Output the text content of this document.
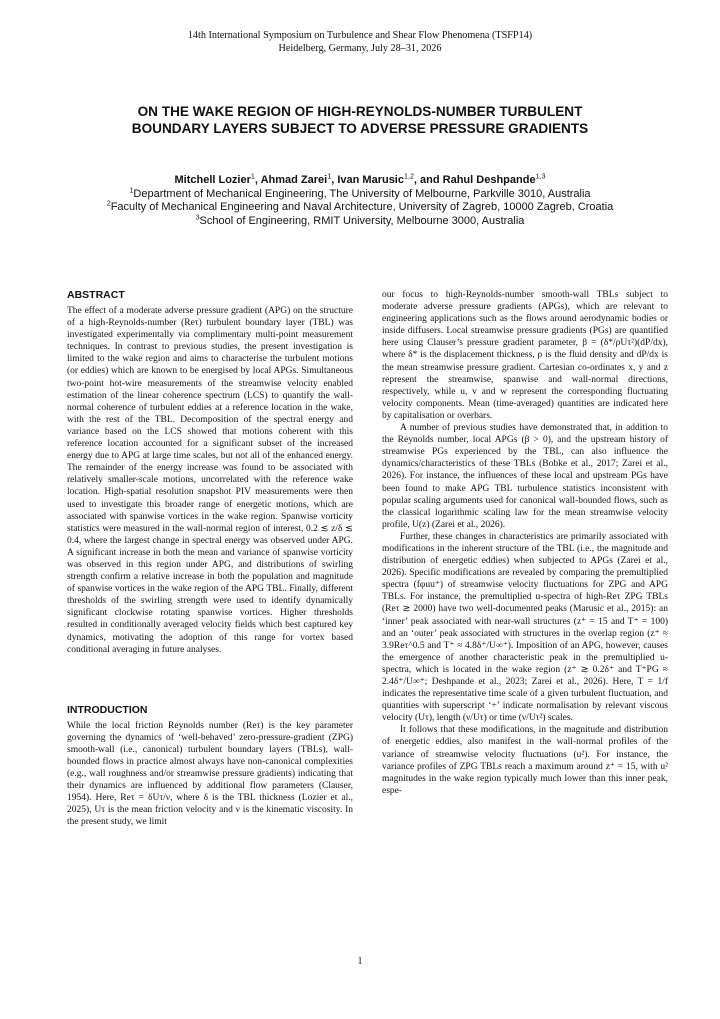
14th International Symposium on Turbulence and Shear Flow Phenomena (TSFP14)
Heidelberg, Germany, July 28–31, 2026
ON THE WAKE REGION OF HIGH-REYNOLDS-NUMBER TURBULENT
BOUNDARY LAYERS SUBJECT TO ADVERSE PRESSURE GRADIENTS
Mitchell Lozier$^1$, Ahmad Zarei$^1$, Ivan Marusic$^{1,2}$, and Rahul Deshpande$^{1,3}$
$^1$Department of Mechanical Engineering, The University of Melbourne, Parkville 3010, Australia
$^2$Faculty of Mechanical Engineering and Naval Architecture, University of Zagreb, 10000 Zagreb, Croatia
$^3$School of Engineering, RMIT University, Melbourne 3000, Australia
ABSTRACT

The effect of a moderate adverse pressure gradient (APG) on the structure of a high-Reynolds-number (Reτ) turbulent boundary layer (TBL) was investigated experimentally via complimentary multi-point measurement techniques. In contrast to previous studies, the present investigation is limited to the wake region and aims to characterise the turbulent motions (or eddies) which are known to be energised by local APGs. Simultaneous two-point hot-wire measurements of the streamwise velocity enabled estimation of the linear coherence spectrum (LCS) to quantify the wall-normal coherence of turbulent eddies at a reference location in the wake, with the rest of the TBL. Decomposition of the spectral energy and variance based on the LCS showed that motions coherent with this reference location accounted for a significant subset of the increased energy due to APG at large time scales, but not all of the enhanced energy. The remainder of the energy increase was found to be associated with relatively smaller-scale motions, uncorrelated with the reference wake location. High-spatial resolution snapshot PIV measurements were then used to investigate this broader range of energetic motions, which are associated with spanwise vortices in the wake region. Spanwise vorticity statistics were measured in the wall-normal region of interest, 0.2 ≲ z/δ ≲ 0.4, where the largest change in spectral energy was observed under APG. A significant increase in both the mean and variance of spanwise vorticity was observed in this region under APG, and distributions of swirling strength confirm a relative increase in both the population and magnitude of spanwise vortices in the wake region of the APG TBL. Finally, different thresholds of the swirling strength were used to identify dynamically significant clockwise rotating spanwise vortices. Higher thresholds resulted in conditionally averaged velocity fields which best captured key dynamics, motivating the adoption of this range for vortex based conditional averaging in future analyses.

INTRODUCTION

While the local friction Reynolds number (Reτ) is the key parameter governing the dynamics of ‘well-behaved’ zero-pressure-gradient (ZPG) smooth-wall (i.e., canonical) turbulent boundary layers (TBLs), wall-bounded flows in practice almost always have non-canonical complexities (e.g., wall roughness and/or streamwise pressure gradients) indicating that their dynamics are influenced by additional flow parameters (Clauser, 1954). Here, Reτ = δUτ/ν, where δ is the TBL thickness (Lozier et al., 2025), Uτ is the mean friction velocity and ν is the kinematic viscosity. In the present study, we limit

our focus to high-Reynolds-number smooth-wall TBLs subject to moderate adverse pressure gradients (APGs), which are relevant to engineering applications such as the flows around aerodynamic bodies or inside diffusers. Local streamwise pressure gradients (PGs) are quantified here using Clauser’s pressure gradient parameter, β = (δ*/ρUτ²)(dP/dx), where δ* is the displacement thickness, ρ is the fluid density and dP/dx is the mean streamwise pressure gradient. Cartesian co-ordinates x, y and z represent the streamwise, spanwise and wall-normal directions, respectively, while u, v and w represent the corresponding fluctuating velocity components. Mean (time-averaged) quantities are indicated here by capitalisation or overbars.

A number of previous studies have demonstrated that, in addition to the Reynolds number, local APGs (β > 0), and the upstream history of streamwise PGs experienced by the TBL, can also influence the dynamics/characteristics of these TBLs (Bobke et al., 2017; Zarei et al., 2026). For instance, the influences of these local and upstream PGs have been found to make APG TBL turbulence statistics inconsistent with popular scaling arguments used for canonical wall-bounded flows, such as the classical logarithmic scaling law for the mean streamwise velocity profile, U(z) (Zarei et al., 2026).

Further, these changes in characteristics are primarily associated with modifications in the inherent structure of the TBL (i.e., the magnitude and distribution of energetic eddies) when subjected to APGs (Zarei et al., 2026). Specific modifications are revealed by comparing the premultiplied spectra (fφuu⁺) of streamwise velocity fluctuations for ZPG and APG TBLs. For instance, the premultiplied u-spectra of high-Reτ ZPG TBLs (Reτ ≳ 2000) have two well-documented peaks (Marusic et al., 2015): an ‘inner’ peak associated with near-wall structures (z⁺ = 15 and T⁺ = 100) and an ‘outer’ peak associated with structures in the overlap region (z⁺ ≈ 3.9Reτ^0.5 and T⁺ ≈ 4.8δ⁺/U∞⁺). Imposition of an APG, however, causes the emergence of another characteristic peak in the premultiplied u-spectra, which is located in the wake region (z⁺ ≳ 0.2δ⁺ and T⁺PG ≈ 2.4δ⁺/U∞⁺; Deshpande et al., 2023; Zarei et al., 2026). Here, T = 1/f indicates the representative time scale of a given turbulent fluctuation, and quantities with superscript ‘+’ indicate normalisation by relevant viscous velocity (Uτ), length (ν/Uτ) or time (ν/Uτ²) scales.

It follows that these modifications, in the magnitude and distribution of energetic eddies, also manifest in the wall-normal profiles of the variance of streamwise velocity fluctuations (u²). For instance, the variance profiles of ZPG TBLs reach a maximum around z⁺ = 15, with u² magnitudes in the wake region typically much lower than this inner peak, espe-

1
